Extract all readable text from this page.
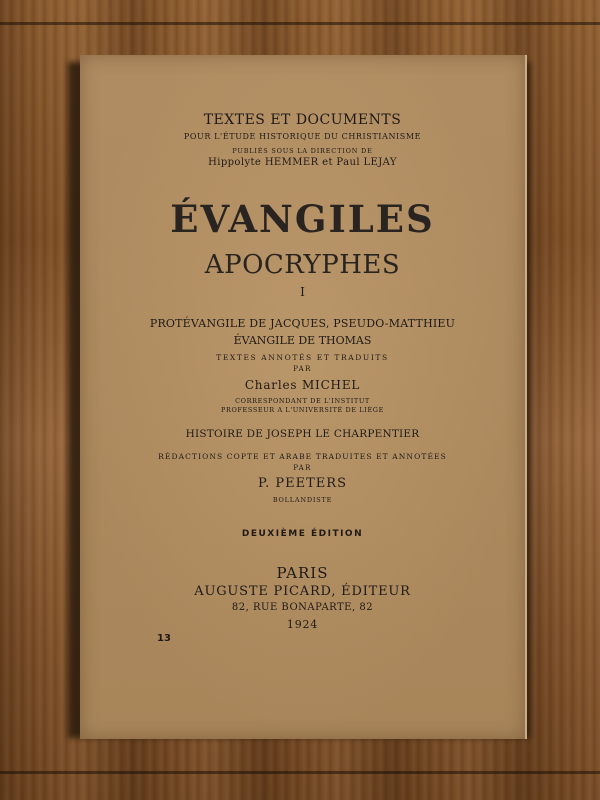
TEXTES ET DOCUMENTS
POUR L'ÉTUDE HISTORIQUE DU CHRISTIANISME
PUBLIÉS SOUS LA DIRECTION DE
Hippolyte HEMMER et Paul LEJAY
ÉVANGILES
APOCRYPHES
I
PROTÉVANGILE DE JACQUES, PSEUDO-MATTHIEU
ÉVANGILE DE THOMAS
TEXTES ANNOTÉS ET TRADUITS
PAR
Charles MICHEL
CORRESPONDANT DE L'INSTITUT
PROFESSEUR A L'UNIVERSITÉ DE LIÈGE
HISTOIRE DE JOSEPH LE CHARPENTIER
RÉDACTIONS COPTE ET ARABE TRADUITES ET ANNOTÉES
PAR
P. PEETERS
BOLLANDISTE
DEUXIÈME ÉDITION
PARIS
AUGUSTE PICARD, ÉDITEUR
82, RUE BONAPARTE, 82
1924
13
